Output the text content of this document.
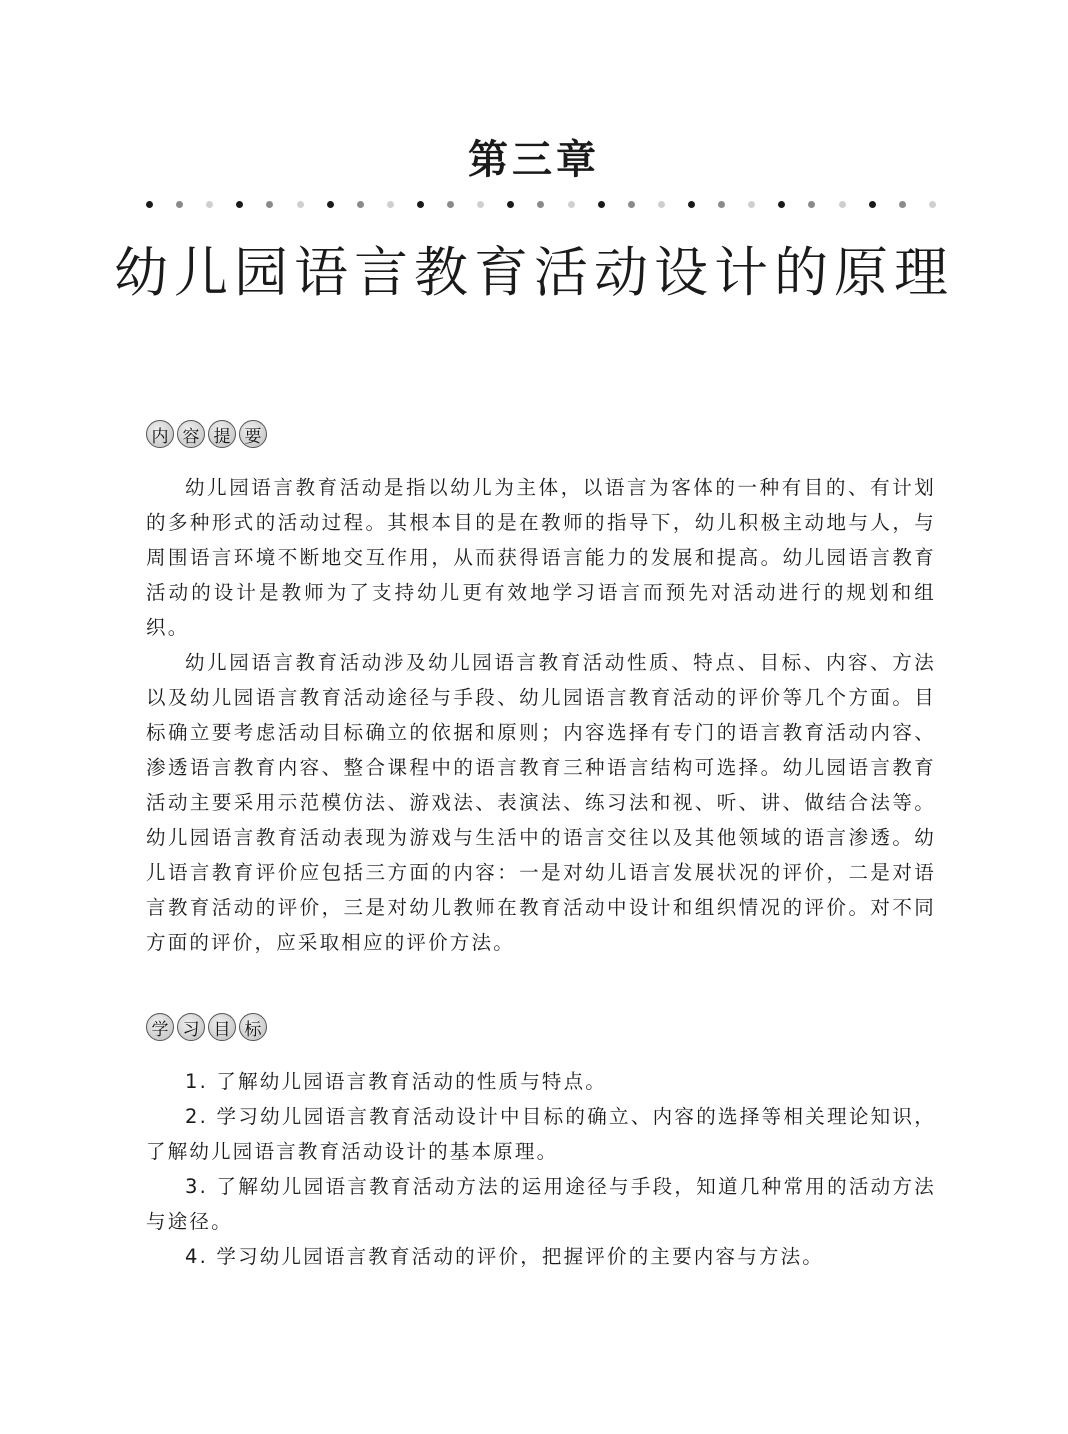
第三章
幼儿园语言教育活动设计的原理
内 容 提 要

幼儿园语言教育活动是指以幼儿为主体，以语言为客体的一种有目的、有计划的多种形式的活动过程。其根本目的是在教师的指导下，幼儿积极主动地与人，与周围语言环境不断地交互作用，从而获得语言能力的发展和提高。幼儿园语言教育活动的设计是教师为了支持幼儿更有效地学习语言而预先对活动进行的规划和组织。

幼儿园语言教育活动涉及幼儿园语言教育活动性质、特点、目标、内容、方法以及幼儿园语言教育活动途径与手段、幼儿园语言教育活动的评价等几个方面。目标确立要考虑活动目标确立的依据和原则；内容选择有专门的语言教育活动内容、渗透语言教育内容、整合课程中的语言教育三种语言结构可选择。幼儿园语言教育活动主要采用示范模仿法、游戏法、表演法、练习法和视、听、讲、做结合法等。幼儿园语言教育活动表现为游戏与生活中的语言交往以及其他领域的语言渗透。幼儿语言教育评价应包括三方面的内容：一是对幼儿语言发展状况的评价，二是对语言教育活动的评价，三是对幼儿教师在教育活动中设计和组织情况的评价。对不同方面的评价，应采取相应的评价方法。

学 习 目 标

1. 了解幼儿园语言教育活动的性质与特点。

2. 学习幼儿园语言教育活动设计中目标的确立、内容的选择等相关理论知识，了解幼儿园语言教育活动设计的基本原理。

3. 了解幼儿园语言教育活动方法的运用途径与手段，知道几种常用的活动方法与途径。

4. 学习幼儿园语言教育活动的评价，把握评价的主要内容与方法。
